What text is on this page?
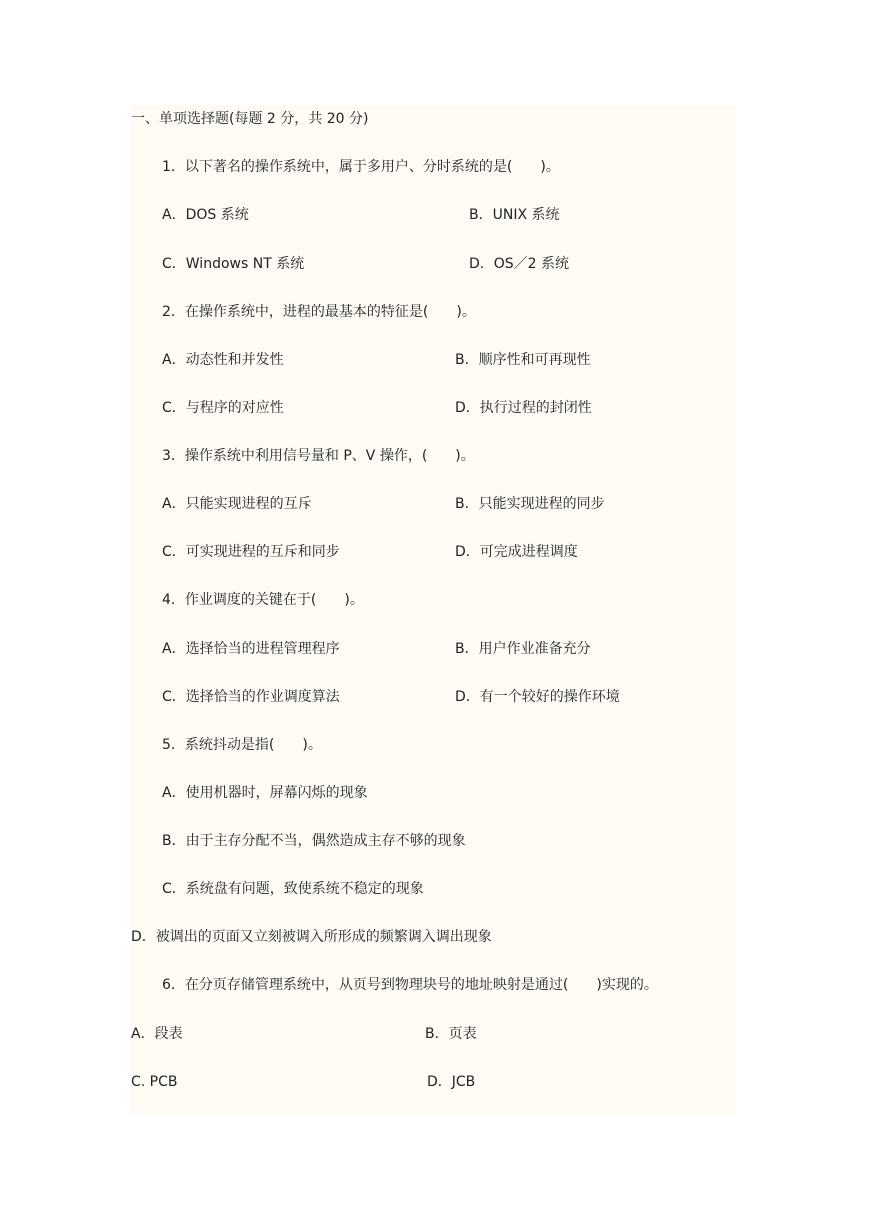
一、单项选择题(每题 2 分，共 20 分)
1．以下著名的操作系统中，属于多用户、分时系统的是(　　)。
A．DOS 系统	B．UNIX 系统
C．Windows NT 系统	D．OS／2 系统
2．在操作系统中，进程的最基本的特征是(　　)。
A．动态性和并发性	B．顺序性和可再现性
C．与程序的对应性	D．执行过程的封闭性
3．操作系统中利用信号量和 P、V 操作，(　　)。
A．只能实现进程的互斥	B．只能实现进程的同步
C．可实现进程的互斥和同步	D．可完成进程调度
4．作业调度的关键在于(　　)。
A．选择恰当的进程管理程序	B．用户作业准备充分
C．选择恰当的作业调度算法	D．有一个较好的操作环境
5．系统抖动是指(　　)。
A．使用机器时，屏幕闪烁的现象
B．由于主存分配不当，偶然造成主存不够的现象
C．系统盘有问题，致使系统不稳定的现象
D．被调出的页面又立刻被调入所形成的频繁调入调出现象
6．在分页存储管理系统中，从页号到物理块号的地址映射是通过(　　)实现的。
A．段表	B．页表
C. PCB	D．JCB
